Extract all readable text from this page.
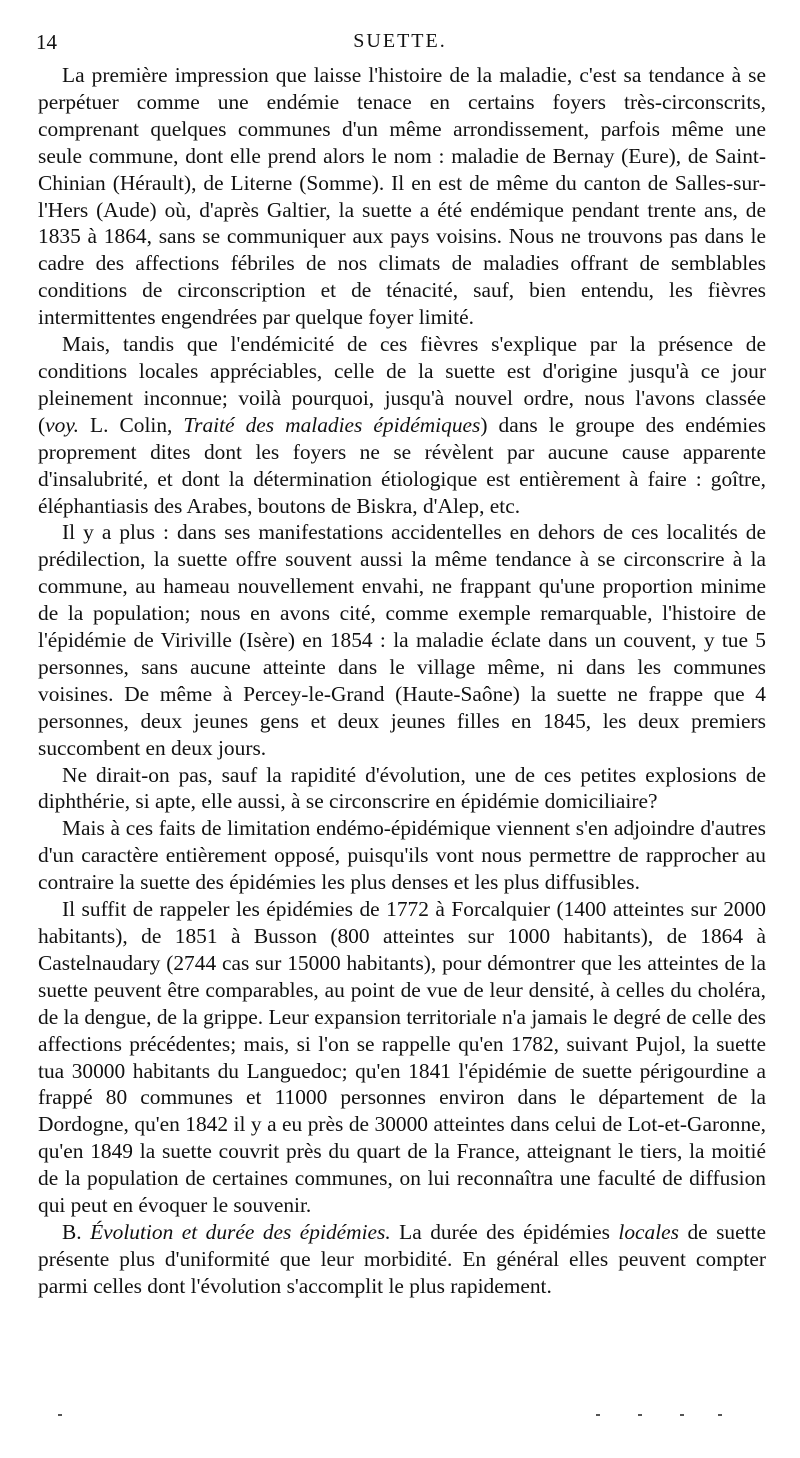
14	SUETTE.

La première impression que laisse l'histoire de la maladie, c'est sa tendance à se perpétuer comme une endémie tenace en certains foyers très-circonscrits, comprenant quelques communes d'un même arrondissement, parfois même une seule commune, dont elle prend alors le nom : maladie de Bernay (Eure), de Saint-Chinian (Hérault), de Literne (Somme). Il en est de même du canton de Salles-sur-l'Hers (Aude) où, d'après Galtier, la suette a été endémique pendant trente ans, de 1835 à 1864, sans se communiquer aux pays voisins. Nous ne trouvons pas dans le cadre des affections fébriles de nos climats de maladies offrant de semblables conditions de circonscription et de ténacité, sauf, bien entendu, les fièvres intermittentes engendrées par quelque foyer limité.

Mais, tandis que l'endémicité de ces fièvres s'explique par la présence de conditions locales appréciables, celle de la suette est d'origine jusqu'à ce jour pleinement inconnue; voilà pourquoi, jusqu'à nouvel ordre, nous l'avons classée (voy. L. Colin, Traité des maladies épidémiques) dans le groupe des endémies proprement dites dont les foyers ne se révèlent par aucune cause apparente d'insalubrité, et dont la détermination étiologique est entièrement à faire : goître, éléphantiasis des Arabes, boutons de Biskra, d'Alep, etc.

Il y a plus : dans ses manifestations accidentelles en dehors de ces localités de prédilection, la suette offre souvent aussi la même tendance à se circonscrire à la commune, au hameau nouvellement envahi, ne frappant qu'une proportion minime de la population; nous en avons cité, comme exemple remarquable, l'histoire de l'épidémie de Viriville (Isère) en 1854 : la maladie éclate dans un couvent, y tue 5 personnes, sans aucune atteinte dans le village même, ni dans les communes voisines. De même à Percey-le-Grand (Haute-Saône) la suette ne frappe que 4 personnes, deux jeunes gens et deux jeunes filles en 1845, les deux premiers succombent en deux jours.

Ne dirait-on pas, sauf la rapidité d'évolution, une de ces petites explosions de diphthérie, si apte, elle aussi, à se circonscrire en épidémie domiciliaire?

Mais à ces faits de limitation endémo-épidémique viennent s'en adjoindre d'autres d'un caractère entièrement opposé, puisqu'ils vont nous permettre de rapprocher au contraire la suette des épidémies les plus denses et les plus diffusibles.

Il suffit de rappeler les épidémies de 1772 à Forcalquier (1400 atteintes sur 2000 habitants), de 1851 à Busson (800 atteintes sur 1000 habitants), de 1864 à Castelnaudary (2744 cas sur 15000 habitants), pour démontrer que les atteintes de la suette peuvent être comparables, au point de vue de leur densité, à celles du choléra, de la dengue, de la grippe. Leur expansion territoriale n'a jamais le degré de celle des affections précédentes; mais, si l'on se rappelle qu'en 1782, suivant Pujol, la suette tua 30000 habitants du Languedoc; qu'en 1841 l'épidémie de suette périgourdine a frappé 80 communes et 11000 personnes environ dans le département de la Dordogne, qu'en 1842 il y a eu près de 30000 atteintes dans celui de Lot-et-Garonne, qu'en 1849 la suette couvrit près du quart de la France, atteignant le tiers, la moitié de la population de certaines communes, on lui reconnaîtra une faculté de diffusion qui peut en évoquer le souvenir.

B. Évolution et durée des épidémies. La durée des épidémies locales de suette présente plus d'uniformité que leur morbidité. En général elles peuvent compter parmi celles dont l'évolution s'accomplit le plus rapidement.
